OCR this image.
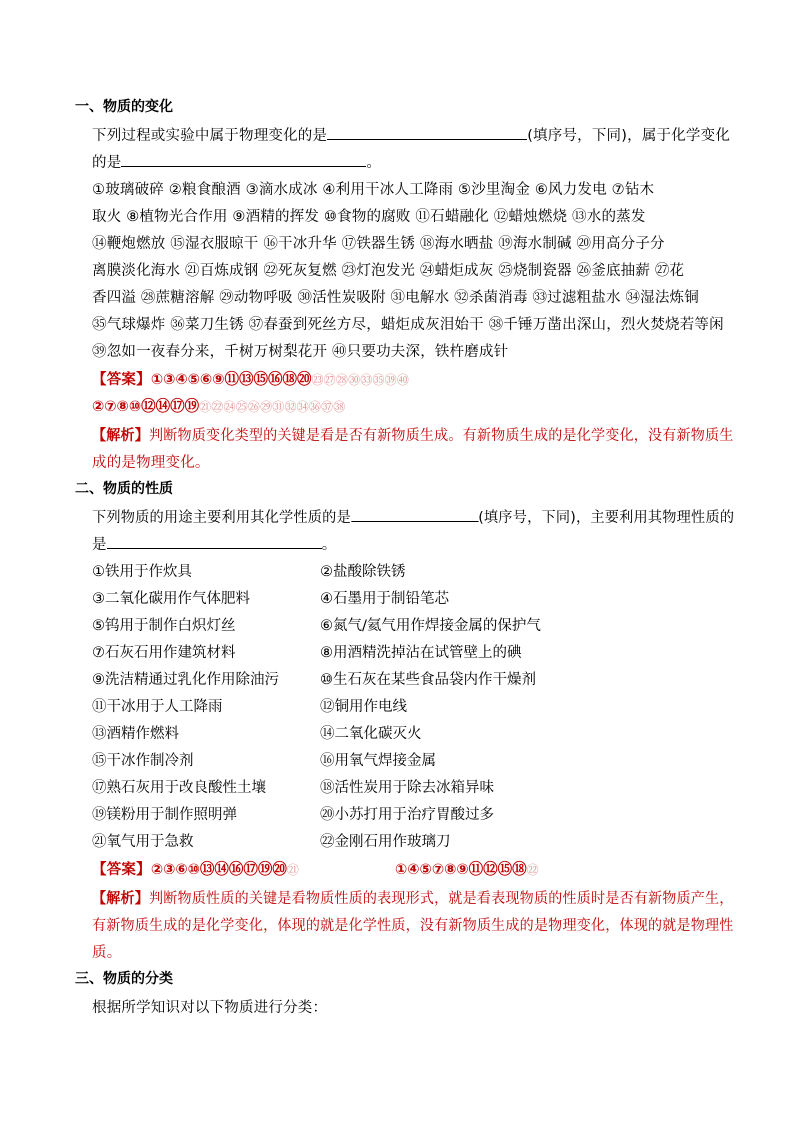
一、物质的变化
下列过程或实验中属于物理变化的是	(填序号，下同)，属于化学变化
的是	。
①玻璃破碎 ②粮食酿酒 ③滴水成冰 ④利用干冰人工降雨 ⑤沙里淘金 ⑥风力发电 ⑦钻木
取火 ⑧植物光合作用 ⑨酒精的挥发 ⑩食物的腐败 ⑪石蜡融化 ⑫蜡烛燃烧 ⑬水的蒸发
⑭鞭炮燃放 ⑮湿衣服晾干 ⑯干冰升华 ⑰铁器生锈 ⑱海水晒盐 ⑲海水制碱 ⑳用高分子分
离膜淡化海水 ㉑百炼成钢 ㉒死灰复燃 ㉓灯泡发光 ㉔蜡炬成灰 ㉕烧制瓷器 ㉖釜底抽薪 ㉗花
香四溢 ㉘蔗糖溶解 ㉙动物呼吸 ㉚活性炭吸附 ㉛电解水 ㉜杀菌消毒 ㉝过滤粗盐水 ㉞湿法炼铜
㉟气球爆炸 ㊱菜刀生锈 ㊲春蚕到死丝方尽，蜡炬成灰泪始干 ㊳千锤万凿出深山，烈火焚烧若等闲
㊴忽如一夜春分来，千树万树梨花开 ㊵只要功夫深，铁杵磨成针
【答案】①③④⑤⑥⑨⑪⑬⑮⑯⑱⑳㉓㉗㉘㉚㉝㉟㊴㊵
②⑦⑧⑩⑫⑭⑰⑲㉑㉒㉔㉕㉖㉙㉛㉜㉞㊱㊲㊳
【解析】判断物质变化类型的关键是看是否有新物质生成。有新物质生成的是化学变化，没有新物质生
成的是物理变化。
二、物质的性质
下列物质的用途主要利用其化学性质的是	(填序号，下同)，主要利用其物理性质的
是	。
①铁用于作炊具	②盐酸除铁锈
③二氧化碳用作气体肥料	④石墨用于制铅笔芯
⑤钨用于制作白炽灯丝	⑥氮气/氦气用作焊接金属的保护气
⑦石灰石用作建筑材料	⑧用酒精洗掉沾在试管壁上的碘
⑨洗洁精通过乳化作用除油污	⑩生石灰在某些食品袋内作干燥剂
⑪干冰用于人工降雨	⑫铜用作电线
⑬酒精作燃料	⑭二氧化碳灭火
⑮干冰作制冷剂	⑯用氧气焊接金属
⑰熟石灰用于改良酸性土壤	⑱活性炭用于除去冰箱异味
⑲镁粉用于制作照明弹	⑳小苏打用于治疗胃酸过多
㉑氧气用于急救	㉒金刚石用作玻璃刀
【答案】②③⑥⑩⑬⑭⑯⑰⑲⑳㉑	①④⑤⑦⑧⑨⑪⑫⑮⑱㉒
【解析】判断物质性质的关键是看物质性质的表现形式，就是看表现物质的性质时是否有新物质产生，
有新物质生成的是化学变化，体现的就是化学性质，没有新物质生成的是物理变化，体现的就是物理性
质。
三、物质的分类
根据所学知识对以下物质进行分类：
